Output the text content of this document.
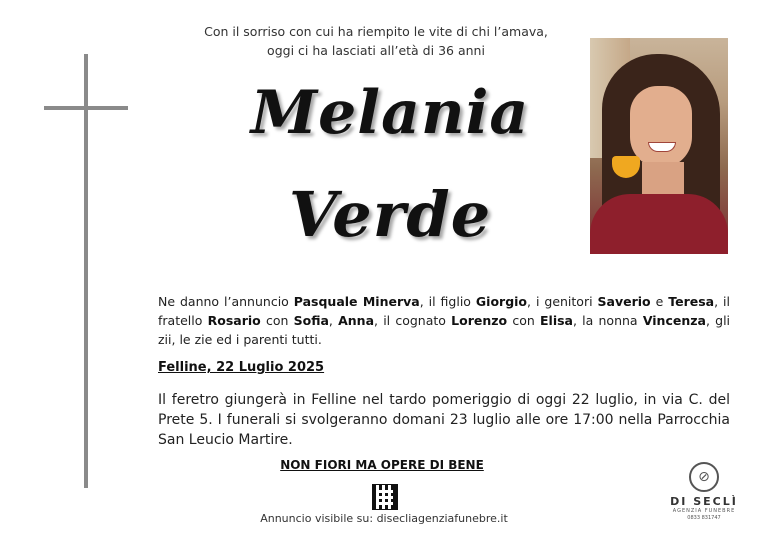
Con il sorriso con cui ha riempito le vite di chi l’amava,
oggi ci ha lasciati all’età di 36 anni
Melania
Verde
Ne danno l’annuncio Pasquale Minerva, il figlio Giorgio, i genitori Saverio e Teresa, il fratello Rosario con Sofia, Anna, il cognato Lorenzo con Elisa, la nonna Vincenza, gli zii, le zie ed i parenti tutti.
Felline, 22 Luglio 2025
Il feretro giungerà in Felline nel tardo pomeriggio di oggi 22 luglio, in via C. del Prete 5. I funerali si svolgeranno domani 23 luglio alle ore 17:00 nella Parrocchia San Leucio Martire.
NON FIORI MA OPERE DI BENE
Annuncio visibile su: disecliagenziafunebre.it
⊘
DI SECLÌ
AGENZIA FUNEBRE
0833 831747
